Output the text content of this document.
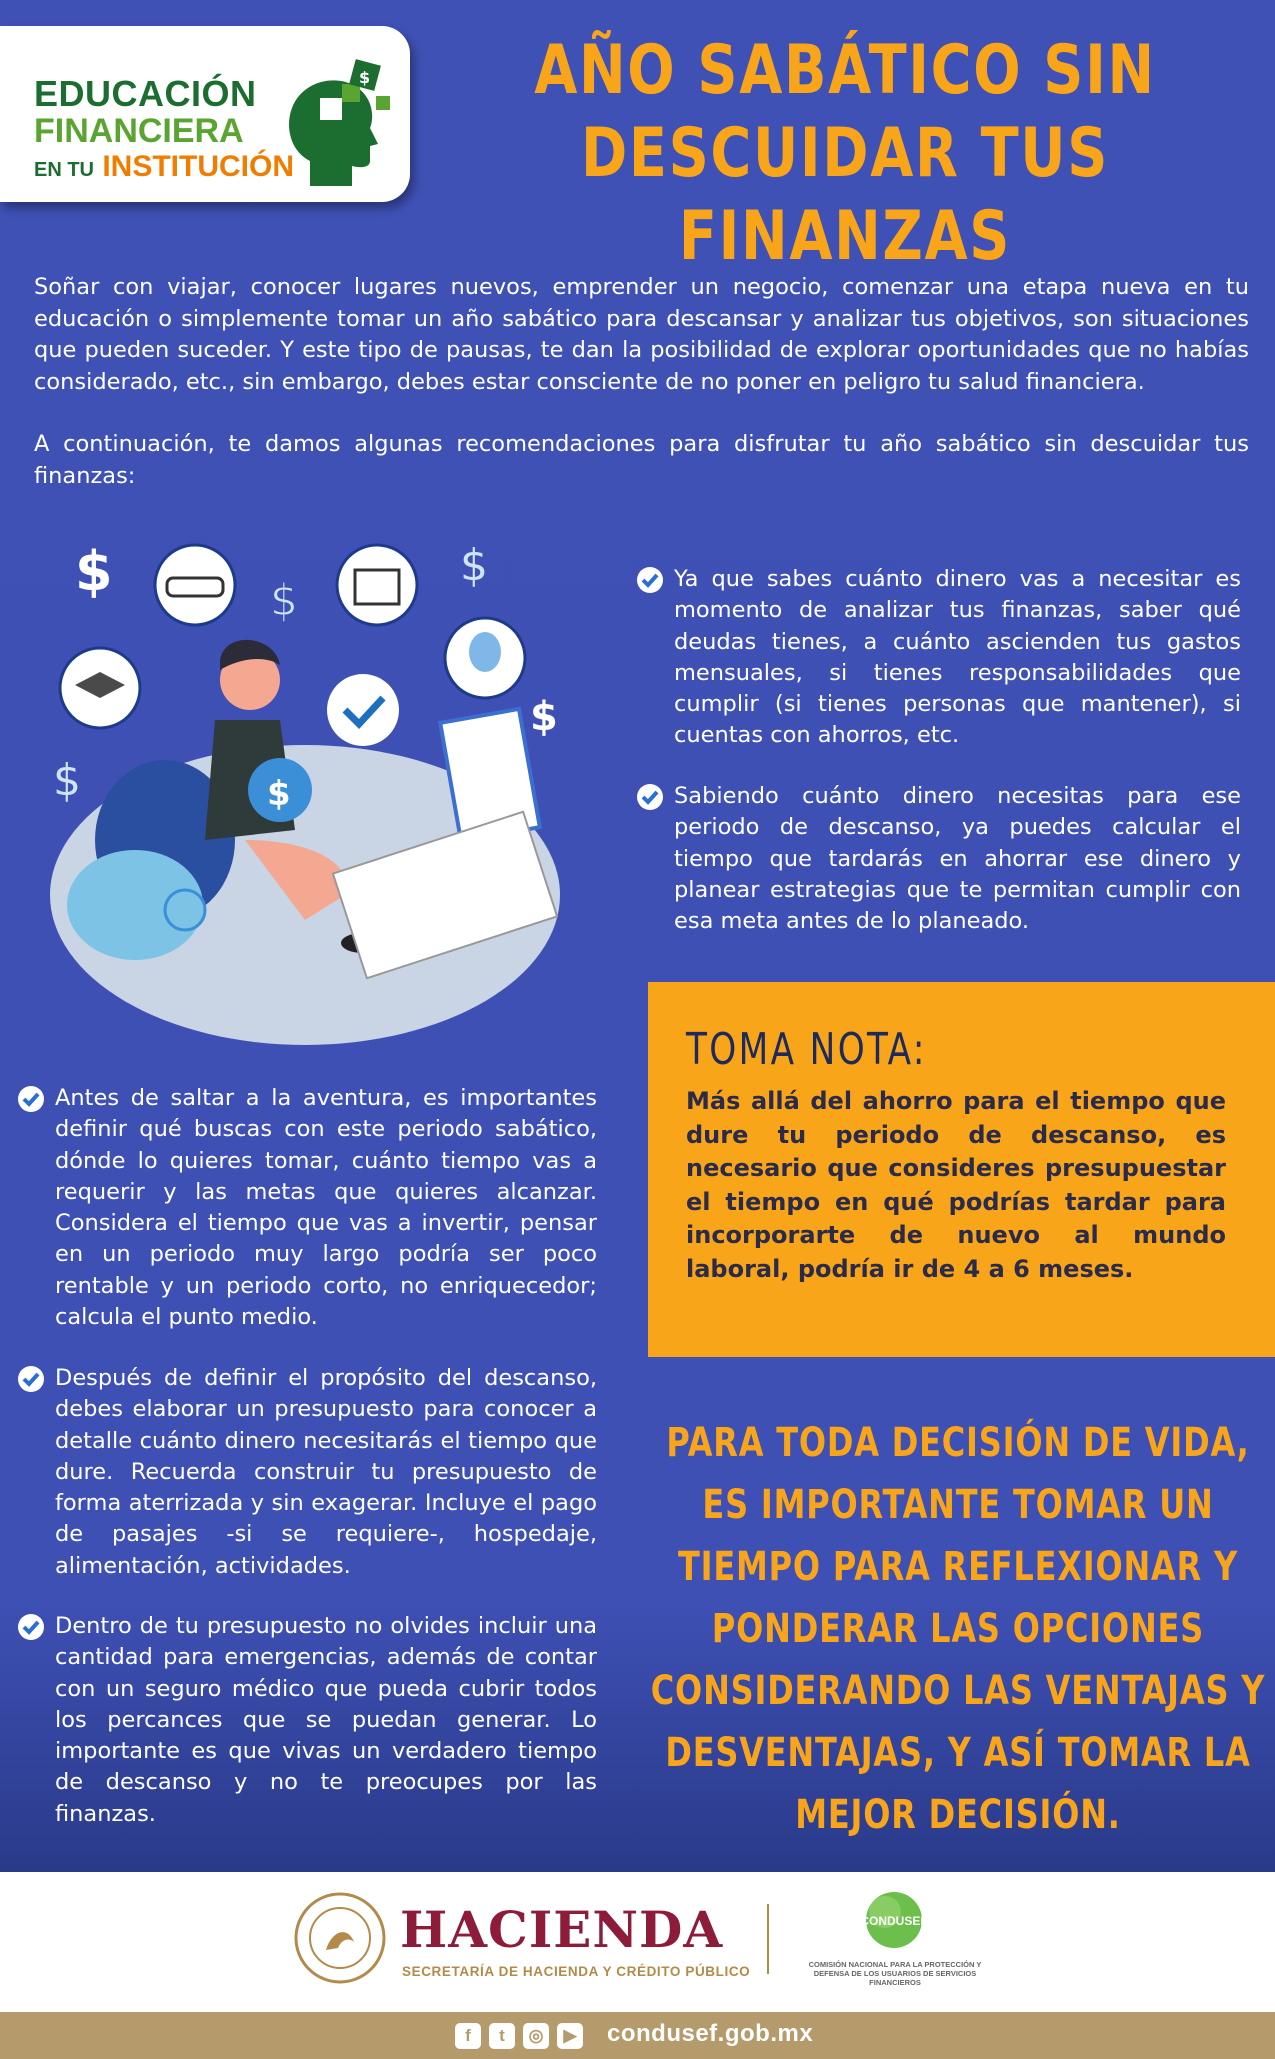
EDUCACIÓN
FINANCIERA
EN TU INSTITUCIÓN
$	AÑO SABÁTICO SIN
DESCUIDAR TUS FINANZAS

Soñar con viajar, conocer lugares nuevos, emprender un negocio, comenzar una etapa nueva en tu educación o simplemente tomar un año sabático para descansar y analizar tus objetivos, son situaciones que pueden suceder. Y este tipo de pausas, te dan la posibilidad de explorar oportunidades que no habías considerado, etc., sin embargo, debes estar consciente de no poner en peligro tu salud financiera.

A continuación, te damos algunas recomendaciones para disfrutar tu año sabático sin descuidar tus finanzas:

$	$
$
$
$	$
Ya que sabes cuánto dinero vas a necesitar es momento de analizar tus finanzas, saber qué deudas tienes, a cuánto ascienden tus gastos mensuales, si tienes responsabilidades que cumplir (si tienes personas que mantener), si cuentas con ahorros, etc.
Sabiendo cuánto dinero necesitas para ese periodo de descanso, ya puedes calcular el tiempo que tardarás en ahorrar ese dinero y planear estrategias que te permitan cumplir con esa meta antes de lo planeado.
Antes de saltar a la aventura, es importantes definir qué buscas con este periodo sabático, dónde lo quieres tomar, cuánto tiempo vas a requerir y las metas que quieres alcanzar. Considera el tiempo que vas a invertir, pensar en un periodo muy largo podría ser poco rentable y un periodo corto, no enriquecedor; calcula el punto medio.
Después de definir el propósito del descanso, debes elaborar un presupuesto para conocer a detalle cuánto dinero necesitarás el tiempo que dure. Recuerda construir tu presupuesto de forma aterrizada y sin exagerar. Incluye el pago de pasajes -si se requiere-, hospedaje, alimentación, actividades.
Dentro de tu presupuesto no olvides incluir una cantidad para emergencias, además de contar con un seguro médico que pueda cubrir todos los percances que se puedan generar. Lo importante es que vivas un verdadero tiempo de descanso y no te preocupes por las finanzas.
TOMA NOTA:
Más allá del ahorro para el tiempo que dure tu periodo de descanso, es necesario que consideres presupuestar el tiempo en qué podrías tardar para incorporarte de nuevo al mundo laboral, podría ir de 4 a 6 meses.
PARA TODA DECISIÓN DE VIDA, ES IMPORTANTE TOMAR UN TIEMPO PARA REFLEXIONAR Y PONDERAR LAS OPCIONES CONSIDERANDO LAS VENTAJAS Y DESVENTAJAS, Y ASÍ TOMAR LA MEJOR DECISIÓN.
HACIENDA
SECRETARÍA DE HACIENDA Y CRÉDITO PÚBLICO
CONDUSEF
COMISIÓN NACIONAL PARA LA PROTECCIÓN Y DEFENSA DE LOS USUARIOS DE SERVICIOS FINANCIEROS
f	t	◎	▶ condusef.gob.mx
